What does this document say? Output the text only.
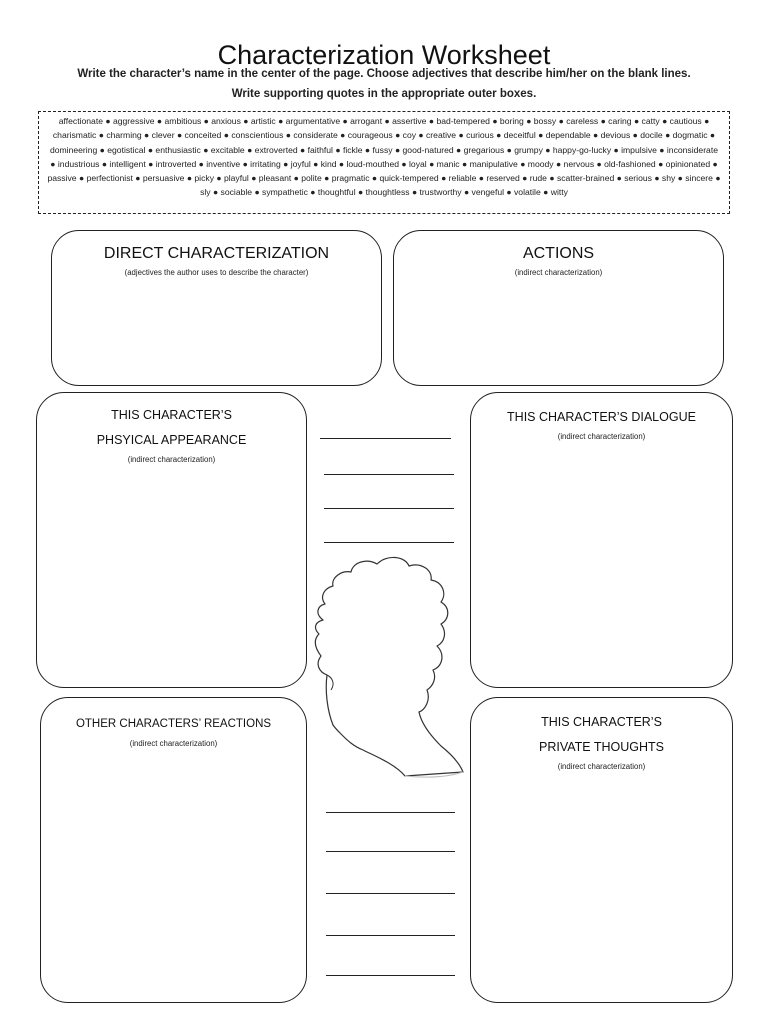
Characterization Worksheet
Write the character’s name in the center of the page. Choose adjectives that describe him/her on the blank lines.
Write supporting quotes in the appropriate outer boxes.
affectionate ● aggressive ● ambitious ● anxious ● artistic ● argumentative ● arrogant ● assertive ● bad-tempered ● boring ● bossy ● careless ● caring ● catty ● cautious ● charismatic ● charming ● clever ● conceited ● conscientious ● considerate ● courageous ● coy ● creative ● curious ● deceitful ● dependable ● devious ● docile ● dogmatic ● domineering ● egotistical ● enthusiastic ● excitable ● extroverted ● faithful ● fickle ● fussy ● good-natured ● gregarious ● grumpy ● happy-go-lucky ● impulsive ● inconsiderate ● industrious ● intelligent ● introverted ● inventive ● irritating ● joyful ● kind ● loud-mouthed ● loyal ● manic ● manipulative ● moody ● nervous ● old-fashioned ● opinionated ● passive ● perfectionist ● persuasive ● picky ● playful ● pleasant ● polite ● pragmatic ● quick-tempered ● reliable ● reserved ● rude ● scatter-brained ● serious ● shy ● sincere ● sly ● sociable ● sympathetic ● thoughtful ● thoughtless ● trustworthy ● vengeful ● volatile ● witty
DIRECT CHARACTERIZATION
(adjectives the author uses to describe the character)
ACTIONS
(indirect characterization)
THIS CHARACTER’S
PHSYICAL APPEARANCE
(indirect characterization)
THIS CHARACTER’S DIALOGUE
(indirect characterization)
OTHER CHARACTERS’ REACTIONS
(indirect characterization)
THIS CHARACTER’S
PRIVATE THOUGHTS
(indirect characterization)
